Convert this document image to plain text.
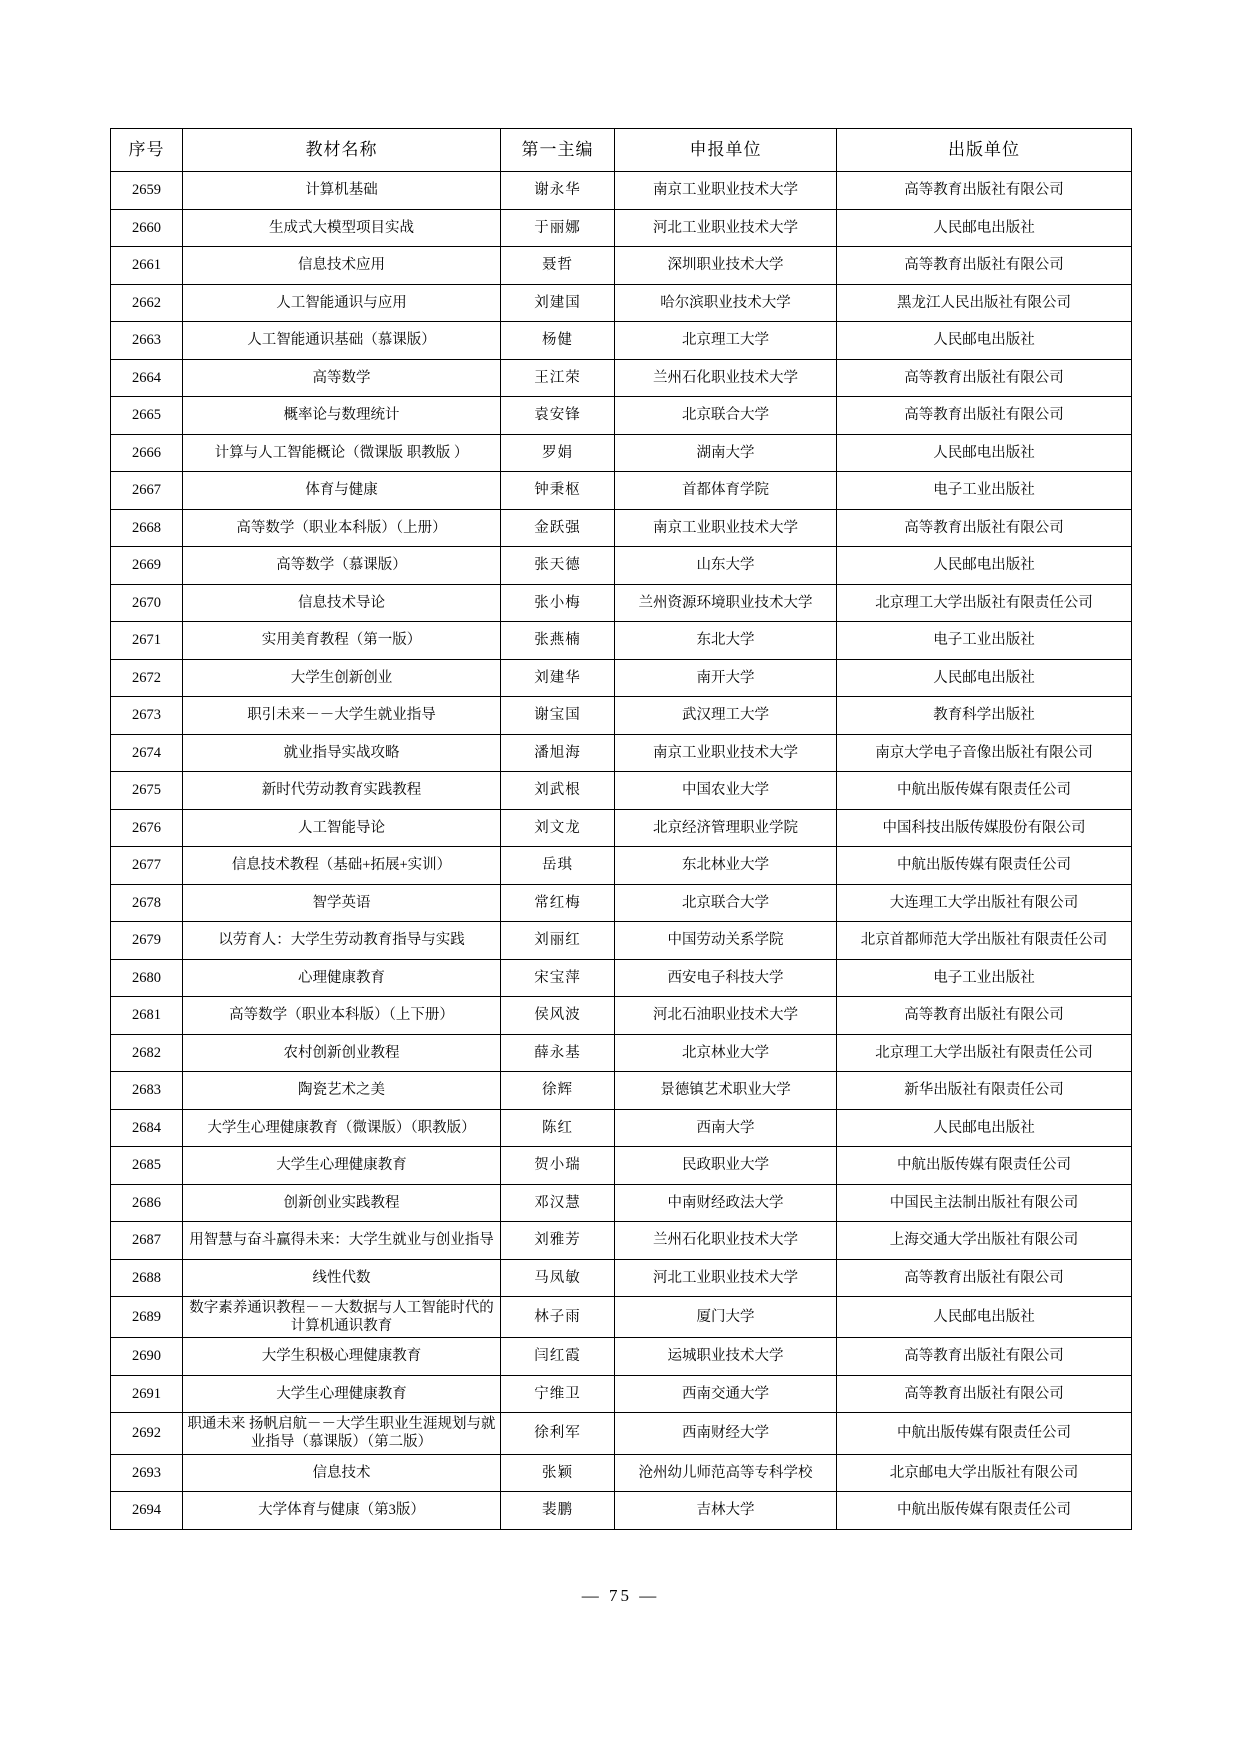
序号	教材名称	第一主编	申报单位	出版单位
2659	计算机基础	谢永华	南京工业职业技术大学	高等教育出版社有限公司
2660	生成式大模型项目实战	于丽娜	河北工业职业技术大学	人民邮电出版社
2661	信息技术应用	聂哲	深圳职业技术大学	高等教育出版社有限公司
2662	人工智能通识与应用	刘建国	哈尔滨职业技术大学	黑龙江人民出版社有限公司
2663	人工智能通识基础（慕课版）	杨健	北京理工大学	人民邮电出版社
2664	高等数学	王江荣	兰州石化职业技术大学	高等教育出版社有限公司
2665	概率论与数理统计	袁安锋	北京联合大学	高等教育出版社有限公司
2666	计算与人工智能概论（微课版 职教版 ）	罗娟	湖南大学	人民邮电出版社
2667	体育与健康	钟秉枢	首都体育学院	电子工业出版社
2668	高等数学（职业本科版）（上册）	金跃强	南京工业职业技术大学	高等教育出版社有限公司
2669	高等数学（慕课版）	张天德	山东大学	人民邮电出版社
2670	信息技术导论	张小梅	兰州资源环境职业技术大学	北京理工大学出版社有限责任公司
2671	实用美育教程（第一版）	张燕楠	东北大学	电子工业出版社
2672	大学生创新创业	刘建华	南开大学	人民邮电出版社
2673	职引未来－－大学生就业指导	谢宝国	武汉理工大学	教育科学出版社
2674	就业指导实战攻略	潘旭海	南京工业职业技术大学	南京大学电子音像出版社有限公司
2675	新时代劳动教育实践教程	刘武根	中国农业大学	中航出版传媒有限责任公司
2676	人工智能导论	刘文龙	北京经济管理职业学院	中国科技出版传媒股份有限公司
2677	信息技术教程（基础+拓展+实训）	岳琪	东北林业大学	中航出版传媒有限责任公司
2678	智学英语	常红梅	北京联合大学	大连理工大学出版社有限公司
2679	以劳育人：大学生劳动教育指导与实践	刘丽红	中国劳动关系学院	北京首都师范大学出版社有限责任公司
2680	心理健康教育	宋宝萍	西安电子科技大学	电子工业出版社
2681	高等数学（职业本科版）（上下册）	侯风波	河北石油职业技术大学	高等教育出版社有限公司
2682	农村创新创业教程	薛永基	北京林业大学	北京理工大学出版社有限责任公司
2683	陶瓷艺术之美	徐辉	景德镇艺术职业大学	新华出版社有限责任公司
2684	大学生心理健康教育（微课版）（职教版）	陈红	西南大学	人民邮电出版社
2685	大学生心理健康教育	贺小瑞	民政职业大学	中航出版传媒有限责任公司
2686	创新创业实践教程	邓汉慧	中南财经政法大学	中国民主法制出版社有限公司
2687	用智慧与奋斗赢得未来：大学生就业与创业指导	刘雅芳	兰州石化职业技术大学	上海交通大学出版社有限公司
2688	线性代数	马凤敏	河北工业职业技术大学	高等教育出版社有限公司
2689	数字素养通识教程－－大数据与人工智能时代的计算机通识教育	林子雨	厦门大学	人民邮电出版社
2690	大学生积极心理健康教育	闫红霞	运城职业技术大学	高等教育出版社有限公司
2691	大学生心理健康教育	宁维卫	西南交通大学	高等教育出版社有限公司
2692	职通未来 扬帆启航－－大学生职业生涯规划与就业指导（慕课版）（第二版）	徐利军	西南财经大学	中航出版传媒有限责任公司
2693	信息技术	张颖	沧州幼儿师范高等专科学校	北京邮电大学出版社有限公司
2694	大学体育与健康（第3版）	裴鹏	吉林大学	中航出版传媒有限责任公司
— 75 —
